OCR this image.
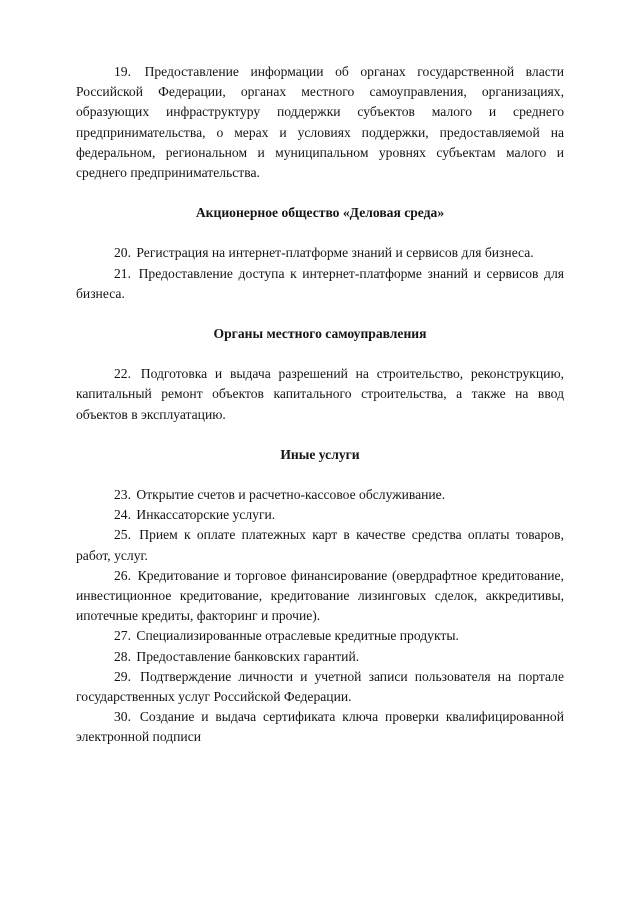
19. Предоставление информации об органах государственной власти Российской Федерации, органах местного самоуправления, организациях, образующих инфраструктуру поддержки субъектов малого и среднего предпринимательства, о мерах и условиях поддержки, предоставляемой на федеральном, региональном и муниципальном уровнях субъектам малого и среднего предпринимательства.

Акционерное общество «Деловая среда»

20. Регистрация на интернет-платформе знаний и сервисов для бизнеса.

21. Предоставление доступа к интернет-платформе знаний и сервисов для бизнеса.

Органы местного самоуправления

22. Подготовка и выдача разрешений на строительство, реконструкцию, капитальный ремонт объектов капитального строительства, а также на ввод объектов в эксплуатацию.

Иные услуги

23. Открытие счетов и расчетно-кассовое обслуживание.

24. Инкассаторские услуги.

25. Прием к оплате платежных карт в качестве средства оплаты товаров, работ, услуг.

26. Кредитование и торговое финансирование (овердрафтное кредитование, инвестиционное кредитование, кредитование лизинговых сделок, аккредитивы, ипотечные кредиты, факторинг и прочие).

27. Специализированные отраслевые кредитные продукты.

28. Предоставление банковских гарантий.

29. Подтверждение личности и учетной записи пользователя на портале государственных услуг Российской Федерации.

30. Создание и выдача сертификата ключа проверки квалифицированной электронной подписи
